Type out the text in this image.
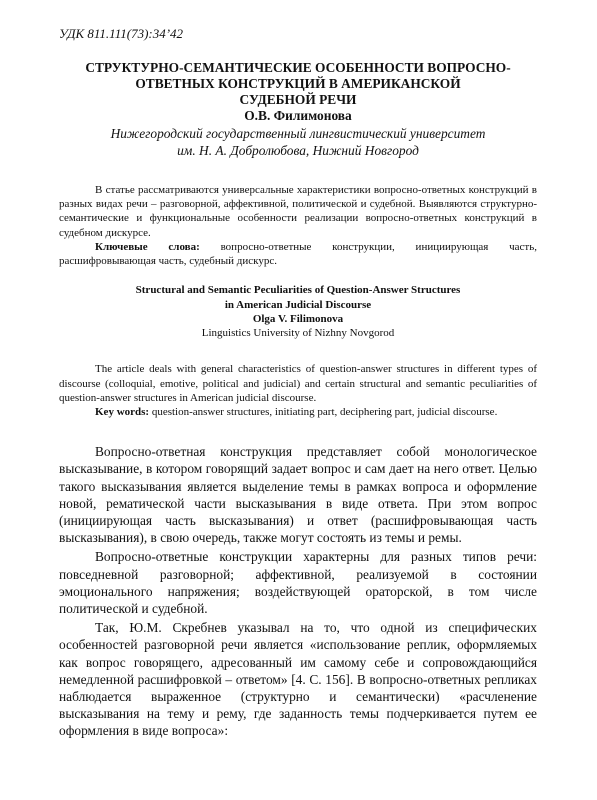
УДК 811.111(73):34’42
СТРУКТУРНО-СЕМАНТИЧЕСКИЕ ОСОБЕННОСТИ ВОПРОСНО-
ОТВЕТНЫХ КОНСТРУКЦИЙ В АМЕРИКАНСКОЙ
СУДЕБНОЙ РЕЧИ
О.В. Филимонова
Нижегородский государственный лингвистический университет
им. Н. А. Добролюбова, Нижний Новгород

В статье рассматриваются универсальные характеристики вопросно-ответных конструкций в разных видах речи – разговорной, аффективной, политической и судебной. Выявляются структурно-семантические и функциональные особенности реализации вопросно-ответных конструкций в судебном дискурсе.

Ключевые слова: вопросно-ответные конструкции, инициирующая часть, расшифровывающая часть, судебный дискурс.

Structural and Semantic Peculiarities of Question-Answer Structures
in American Judicial Discourse
Olga V. Filimonova
Linguistics University of Nizhny Novgorod

The article deals with general characteristics of question-answer structures in different types of discourse (colloquial, emotive, political and judicial) and certain structural and semantic peculiarities of question-answer structures in American judicial discourse.

Key words: question-answer structures, initiating part, deciphering part, judicial discourse.

Вопросно-ответная конструкция представляет собой монологическое высказывание, в котором говорящий задает вопрос и сам дает на него ответ. Целью такого высказывания является выделение темы в рамках вопроса и оформление новой, рематической части высказывания в виде ответа. При этом вопрос (инициирующая часть высказывания) и ответ (расшифровывающая часть высказывания), в свою очередь, также могут состоять из темы и ремы.

Вопросно-ответные конструкции характерны для разных типов речи: повседневной разговорной; аффективной, реализуемой в состоянии эмоционального напряжения; воздействующей ораторской, в том числе политической и судебной.

Так, Ю.М. Скребнев указывал на то, что одной из специфических особенностей разговорной речи является «использование реплик, оформляемых как вопрос говорящего, адресованный им самому себе и сопровождающийся немедленной расшифровкой – ответом» [4. С. 156]. В вопросно-ответных репликах наблюдается выраженное (структурно и семантически) «расчленение высказывания на тему и рему, где заданность темы подчеркивается путем ее оформления в виде вопроса»:
